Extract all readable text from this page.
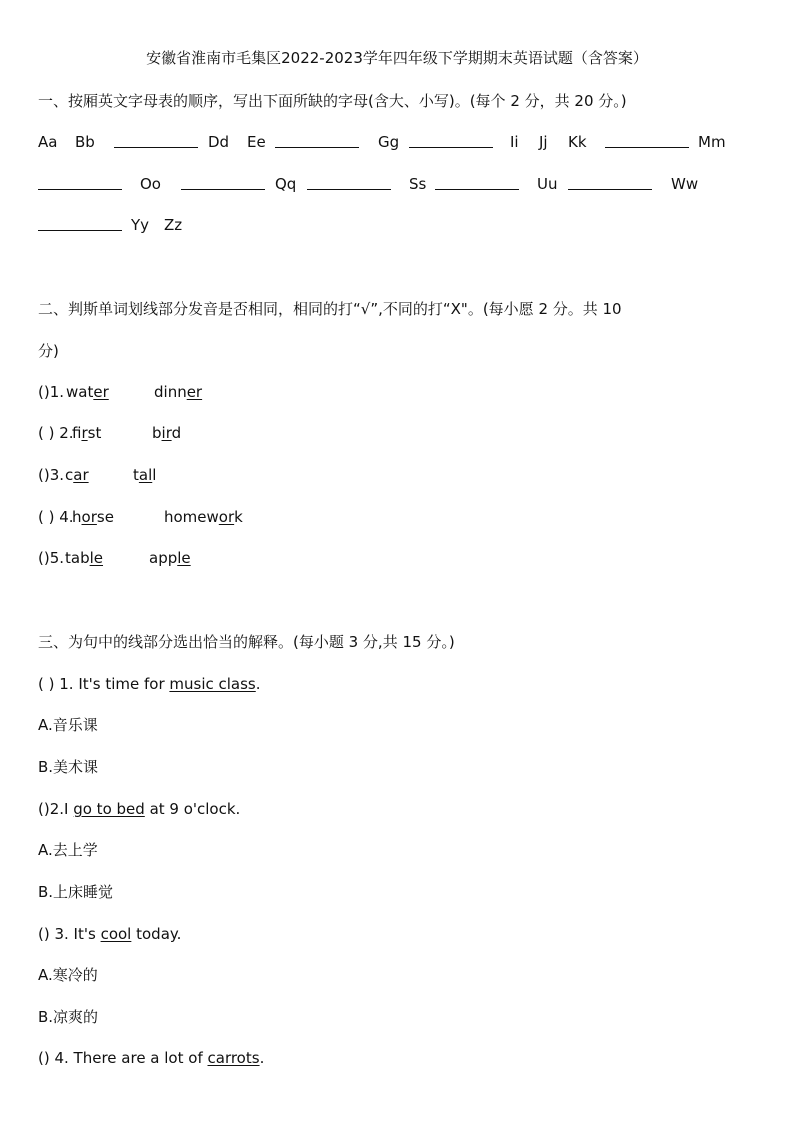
安徽省淮南市毛集区2022-2023学年四年级下学期期末英语试题（含答案）
一、按厢英文字母表的顺序，写出下面所缺的字母(含大、小写)。(每个 2 分，共 20 分。)
Aa Bb	Dd Ee	Gg	Ii Jj Kk	Mm
Oo	Qq	Ss	Uu	Ww
Yy Zz
二、判斯单词划线部分发音是否相同，相同的打“√”,不同的打“X"。(每小愿 2 分。共 10
分)
()1. water	dinner
( ) 2.
first	bird
()3. car	tall
( ) 4.
horse	homework
()5. table	apple
三、为句中的线部分选出恰当的解释。(每小题 3 分,共 15 分。)
( ) 1. It's time for music class.
A.音乐课
B.美术课
()2.I go to bed at 9 o'clock.
A.去上学
B.上床睡觉
() 3. It's cool today.
A.寒冷的
B.凉爽的
() 4. There are a lot of carrots.
